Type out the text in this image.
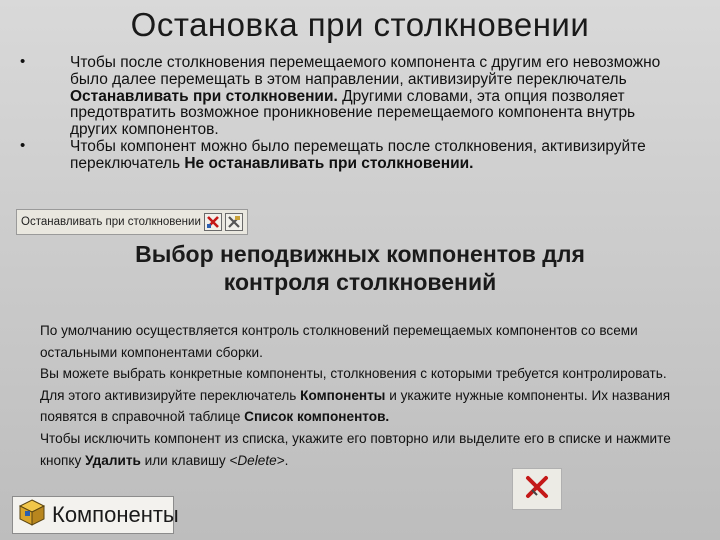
Остановка при столкновении
•	Чтобы после столкновения перемещаемого компонента с другим его невозможно было далее перемещать в этом направлении, активизируйте переключатель Останавливать при столкновении. Другими словами, эта опция позволяет предотвратить возможное проникновение перемещаемого компонента внутрь других компонентов.
•	Чтобы компонент можно было перемещать после столкновения, активизируйте переключатель Не останавливать при столкновении.
Останавливать при столкновении
Выбор неподвижных компонентов для контроля столкновений

По умолчанию осуществляется контроль столкновений перемещаемых компонентов со всеми остальными компонентами сборки.

Вы можете выбрать конкретные компоненты, столкновения с которыми требуется контролировать. Для этого активизируйте переключатель Компоненты и укажите нужные компоненты. Их названия появятся в справочной таблице Список компонентов.

Чтобы исключить компонент из списка, укажите его повторно или выделите его в списке и нажмите кнопку Удалить или клавишу <Delete>.

Компоненты
